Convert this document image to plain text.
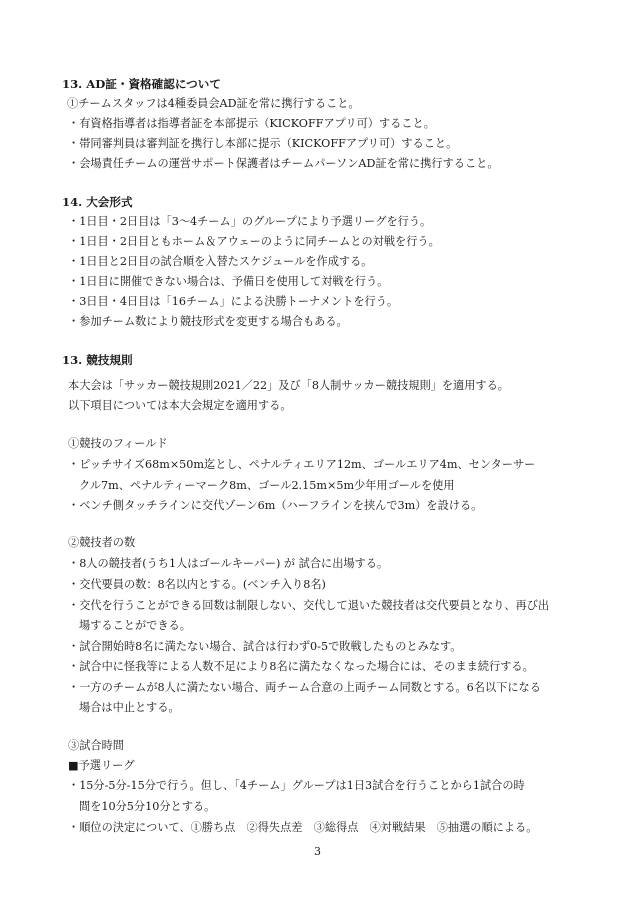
13. AD証・資格確認について
①チームスタッフは4種委員会AD証を常に携行すること。
・有資格指導者は指導者証を本部提示（KICKOFFアプリ可）すること。
・帯同審判員は審判証を携行し本部に提示（KICKOFFアプリ可）すること。
・会場責任チームの運営サポート保護者はチームパーソンAD証を常に携行すること。
14. 大会形式
・1日目・2日目は「3～4チーム」のグループにより予選リーグを行う。
・1日目・2日目ともホーム＆アウェーのように同チームとの対戦を行う。
・1日目と2日目の試合順を入替たスケジュールを作成する。
・1日目に開催できない場合は、予備日を使用して対戦を行う。
・3日目・4日目は「16チーム」による決勝トーナメントを行う。
・参加チーム数により競技形式を変更する場合もある。
13. 競技規則
本大会は「サッカー競技規則2021／22」及び「8人制サッカー競技規則」を適用する。
以下項目については本大会規定を適用する。
①競技のフィールド
・ピッチサイズ68m×50m迄とし、ペナルティエリア12m、ゴールエリア4m、センターサー
クル7m、ペナルティーマーク8m、ゴール2.15m×5m少年用ゴールを使用
・ベンチ側タッチラインに交代ゾーン6m（ハーフラインを挟んで3m）を設ける。
②競技者の数
・8人の競技者(うち1人はゴールキーパー) が 試合に出場する。
・交代要員の数：8名以内とする。(ベンチ入り8名)
・交代を行うことができる回数は制限しない、交代して退いた競技者は交代要員となり、再び出
場することができる。
・試合開始時8名に満たない場合、試合は行わず0-5で敗戦したものとみなす。
・試合中に怪我等による人数不足により8名に満たなくなった場合には、そのまま続行する。
・一方のチームが8人に満たない場合、両チーム合意の上両チーム同数とする。6名以下になる
場合は中止とする。
③試合時間
■予選リーグ
・15分-5分-15分で行う。但し、「4チーム」グループは1日3試合を行うことから1試合の時
間を10分5分10分とする。
・順位の決定について、①勝ち点　②得失点差　③総得点　④対戦結果　⑤抽選の順による。
3
